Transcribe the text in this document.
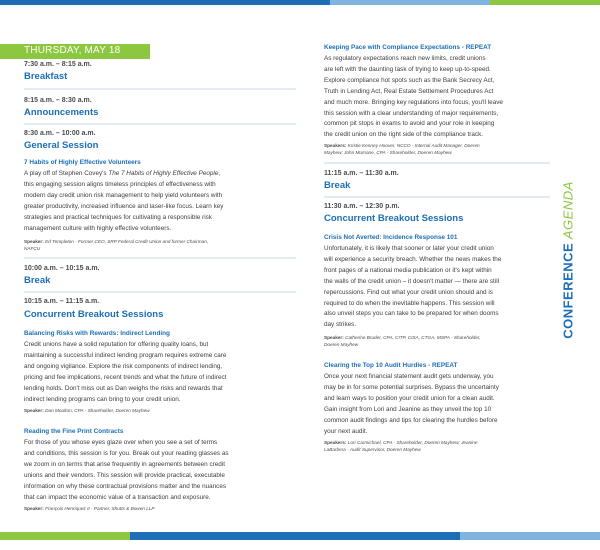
THURSDAY, MAY 18
7:30 a.m. – 8:15 a.m.
Breakfast
8:15 a.m. – 8:30 a.m.
Announcements
8:30 a.m. – 10:00 a.m.
General Session
7 Habits of Highly Effective Volunteers
A play off of Stephen Covey's The 7 Habits of Highly Effective People,
this engaging session aligns timeless principles of effectiveness with
modern day credit union risk management to help yield volunteers with
greater productivity, increased influence and laser-like focus. Learn key
strategies and practical techniques for cultivating a responsible risk
management culture with highly effective volunteers.
Speaker: Ed Templeton - Former CEO, SRP Federal Credit Union and former Chairman,
NAFCU
10:00 a.m. – 10:15 a.m.
Break
10:15 a.m. – 11:15 a.m.
Concurrent Breakout Sessions
Balancing Risks with Rewards: Indirect Lending
Credit unions have a solid reputation for offering quality loans, but
maintaining a successful indirect lending program requires extreme care
and ongoing vigilance. Explore the risk components of indirect lending,
pricing and fee implications, recent trends and what the future of indirect
lending holds. Don't miss out as Dan weighs the risks and rewards that
indirect lending programs can bring to your credit union.
Speaker: Dan Moulton, CPA - Shareholder, Doeren Mayhew
Reading the Fine Print Contracts
For those of you whose eyes glaze over when you see a set of terms
and conditions, this session is for you. Break out your reading glasses as
we zoom in on terms that arise frequently in agreements between credit
unions and their vendors. This session will provide practical, executable
information on why these contractual provisions matter and the nuances
that can impact the economic value of a transaction and exposure.
Speaker: François Henriquez II - Partner, Shutts & Bowen LLP
Keeping Pace with Compliance Expectations - REPEAT
As regulatory expectations reach new limits, credit unions
are left with the daunting task of trying to keep up-to-speed.
Explore compliance hot spots such as the Bank Secrecy Act,
Truth in Lending Act, Real Estate Settlement Procedures Act
and much more. Bringing key regulations into focus, you'll leave
this session with a clear understanding of major requirements,
common pit stops in exams to avoid and your role in keeping
the credit union on the right side of the compliance track.
Speakers: Kristie Kenney Hoover, NCCO - Internal Audit Manager, Doeren
Mayhew; John Mumane, CPA - Shareholder, Doeren Mayhew
11:15 a.m. – 11:30 a.m.
Break
11:30 a.m. – 12:30 p.m.
Concurrent Breakout Sessions
Crisis Not Averted: Incidence Response 101
Unfortunately, it is likely that sooner or later your credit union
will experience a security breach. Whether the news makes the
front pages of a national media publication or it's kept within
the walls of the credit union – it doesn't matter — there are still
repercussions. Find out what your credit union should and is
required to do when the inevitable happens. This session will
also unveil steps you can take to be prepared for when dooms
day strikes.
Speaker: Catherine Bruder, CPA, CITP, CISA, CTGA, MSPA - Shareholder,
Doeren Mayhew
Clearing the Top 10 Audit Hurdles - REPEAT
Once your next financial statement audit gets underway, you
may be in for some potential surprises. Bypass the uncertainty
and learn ways to position your credit union for a clean audit.
Gain insight from Lori and Jeanine as they unveil the top 10
common audit findings and tips for clearing the hurdles before
your next audit.
Speakers: Lori Carmichael, CPA - Shareholder, Doeren Mayhew; Jeanine
LaBarbera - Audit Supervisor, Doeren Mayhew
CONFERENCE AGENDA
